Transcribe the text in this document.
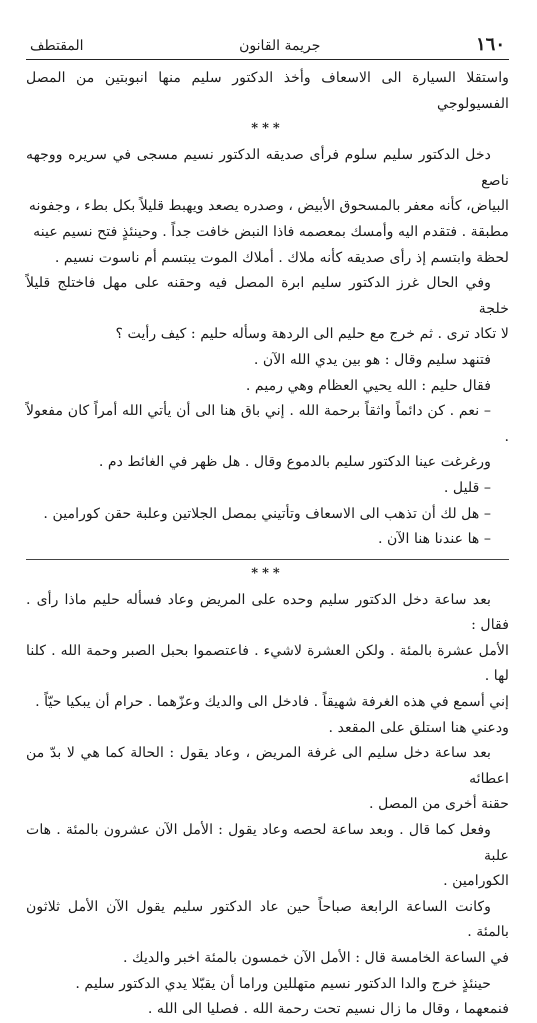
١٦٠
جريمة القانون
المقتطف

واستقلا السيارة الى الاسعاف وأخذ الدكتور سليم منها انبوبتين من المصل الفسيولوجي

***

دخل الدكتور سليم سلوم فرأى صديقه الدكتور نسيم مسجى في سريره ووجهه ناصع

البياض، كأنه معفر بالمسحوق الأبيض ، وصدره يصعد ويهبط قليلاً بكل بطء ، وجفونه

مطبقة . فتقدم اليه وأمسك بمعصمه فاذا النبض خافت جداً . وحينئذٍ فتح نسيم عينه

لحظة وابتسم إذ رأى صديقه كأنه ملاك . أملاك الموت يبتسم أم ناسوت نسيم .

وفي الحال غرز الدكتور سليم ابرة المصل فيه وحقنه على مهل فاختلج قليلاً خلجة

لا تكاد ترى . ثم خرج مع حليم الى الردهة وسأله حليم : كيف رأيت ؟

فتنهد سليم وقال : هو بين يدي الله الآن .

فقال حليم : الله يحيي العظام وهي رميم .

– نعم . كن دائماً واثقاً برحمة الله . إني باق هنا الى أن يأتي الله أمراً كان مفعولاً .

ورغرغت عينا الدكتور سليم بالدموع وقال . هل ظهر في الغائط دم .

– قليل .

– هل لك أن تذهب الى الاسعاف وتأتيني بمصل الجلاتين وعلبة حقن كورامين .

– ها عندنا هنا الآن .

***

بعد ساعة دخل الدكتور سليم وحده على المريض وعاد فسأله حليم ماذا رأى . فقال :

الأمل عشرة بالمئة . ولكن العشرة لاشيء . فاعتصموا بحبل الصبر وحمة الله . كلنا لها .

إني أسمع في هذه الغرفة شهيقاً . فادخل الى والديك وعزّهما . حرام أن يبكيا حيّاً .

ودعني هنا استلق على المقعد .

بعد ساعة دخل سليم الى غرفة المريض ، وعاد يقول : الحالة كما هي لا بدّ من اعطائه

حقنة أخرى من المصل .

وفعل كما قال . وبعد ساعة لحصه وعاد يقول : الأمل الآن عشرون بالمئة . هات علبة

الكورامين .

وكانت الساعة الرابعة صباحاً حين عاد الدكتور سليم يقول الآن الأمل ثلاثون بالمئة .

في الساعة الخامسة قال : الأمل الآن خمسون بالمئة اخبر والديك .

حينئذٍ خرج والدا الدكتور نسيم متهللين وراما أن يقبّلا يدي الدكتور سليم .

فنمعهما ، وقال ما زال نسيم تحت رحمة الله . فصليا الى الله .
